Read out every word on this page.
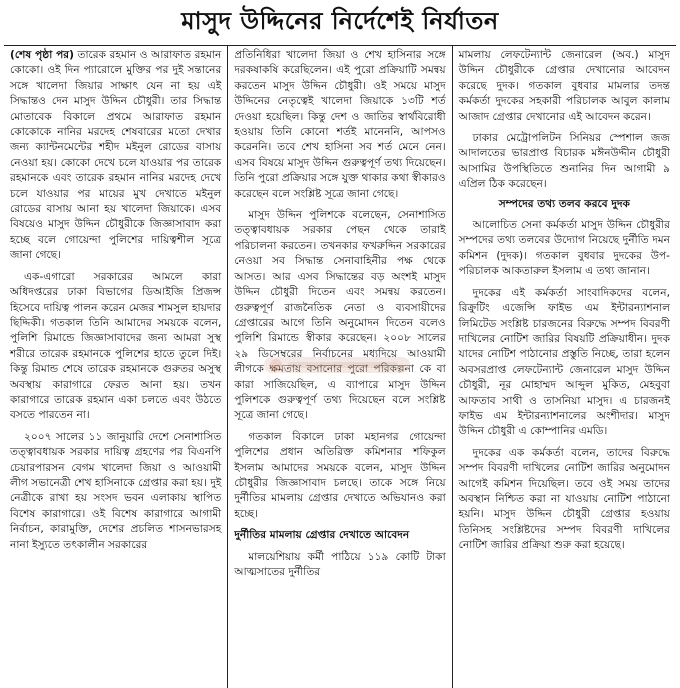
মাসুদ উদ্দিনের নির্দেশেই নির্যাতন

(শেষ পৃষ্ঠা পর) তারেক রহমান ও আরাফাত রহমান কোকো। ওই দিন প্যারোলে মুক্তির পর দুই সন্তানের সঙ্গে খালেদা জিয়ার সাক্ষাৎ যেন না হয় এই সিদ্ধান্তও দেন মাসুদ উদ্দিন চৌধুরী। তার সিদ্ধান্ত মোতাবেক বিকালে প্রথমে আরাফাত রহমান কোকোকে নানির মরদেহ শেষবারের মতো দেখার জন্য ক্যান্টনমেন্টের শহীদ মইনুল রোডের বাসায় নেওয়া হয়। কোকো দেখে চলে যাওয়ার পর তারেক রহমানকে এবং তারেক রহমান নানির মরদেহ দেখে চলে যাওয়ার পর মায়ের মুখ দেখাতে মইনুল রোডের বাসায় আনা হয় খালেদা জিয়াকে। এসব বিষয়েও মাসুদ উদ্দিন চৌধুরীকে জিজ্ঞাসাবাদ করা হচ্ছে বলে গোয়েন্দা পুলিশের দায়িত্বশীল সূত্রে জানা গেছে।

এক-এগারো সরকারের আমলে কারা অধিদপ্তরের ঢাকা বিভাগের ডিআইজি প্রিজন্স হিসেবে দায়িত্ব পালন করেন মেজর শামসুল হায়দার ছিদ্দিকী। গতকাল তিনি আমাদের সময়কে বলেন, পুলিশি রিমান্ডে জিজ্ঞাসাবাদের জন্য আমরা সুস্থ শরীরে তারেক রহমানকে পুলিশের হাতে তুলে দিই। কিন্তু রিমান্ড শেষে তারেক রহমানকে গুরুতর অসুস্থ অবস্থায় কারাগারে ফেরত আনা হয়। তখন কারাগারে তারেক রহমান একা চলতে এবং উঠতে বসতে পারতেন না।

২০০৭ সালের ১১ জানুয়ারি দেশে সেনাশাসিত তত্ত্বাবধায়ক সরকার দায়িত্ব গ্রহণের পর বিএনপি চেয়ারপারসন বেগম খালেদা জিয়া ও আওয়ামী লীগ সভানেত্রী শেখ হাসিনাকে গ্রেপ্তার করা হয়। দুই নেত্রীকে রাখা হয় সংসদ ভবন এলাকায় স্থাপিত বিশেষ কারাগারে। ওই বিশেষ কারাগারে আগামী নির্বাচন, কারামুক্তি, দেশের প্রচলিত শাসনভারসহ নানা ইস্যুতে তৎকালীন সরকারের

প্রতিনিধিরা খালেদা জিয়া ও শেখ হাসিনার সঙ্গে দরকষাকষি করেছিলেন। এই পুরো প্রক্রিয়াটি সমন্বয় করতেন মাসুদ উদ্দিন চৌধুরী। ওই সময়ে মাসুদ উদ্দিনের নেতৃত্বেই খালেদা জিয়াকে ১৩টি শর্ত দেওয়া হয়েছিল। কিন্তু দেশ ও জাতির স্বার্থবিরোধী হওয়ায় তিনি কোনো শর্তই মানেননি, আপসও করেননি। তবে শেখ হাসিনা সব শর্ত মেনে নেন। এসব বিষয়ে মাসুদ উদ্দিন গুরুত্বপূর্ণ তথ্য দিয়েছেন। তিনি পুরো প্রক্রিয়ার সঙ্গে যুক্ত থাকার কথা স্বীকারও করেছেন বলে সংশ্লিষ্ট সূত্রে জানা গেছে।

মাসুদ উদ্দিন পুলিশকে বলেছেন, সেনাশাসিত তত্ত্বাবধায়ক সরকার পেছন থেকে তারাই পরিচালনা করতেন। তখনকার ফখরুদ্দিন সরকারের নেওয়া সব সিদ্ধান্ত সেনাবাহিনীর পক্ষ থেকে আসত। আর এসব সিদ্ধান্তের বড় অংশই মাসুদ উদ্দিন চৌধুরী দিতেন এবং সমন্বয় করতেন। গুরুত্বপূর্ণ রাজনৈতিক নেতা ও ব্যবসায়ীদের গ্রেপ্তারের আগে তিনি অনুমোদন দিতেন বলেও পুলিশি রিমান্ডে স্বীকার করেছেন। ২০০৮ সালের ২৯ ডিসেম্বরের নির্বাচনের মধ্যদিয়ে আওয়ামী লীগকে ক্ষমতায় বসানোর পুরো পরিকল্পনা কে বা কারা সাজিয়েছিল, এ ব্যাপারে মাসুদ উদ্দিন পুলিশকে গুরুত্বপূর্ণ তথ্য দিয়েছেন বলে সংশ্লিষ্ট সূত্রে জানা গেছে।

গতকাল বিকালে ঢাকা মহানগর গোয়েন্দা পুলিশের প্রধান অতিরিক্ত কমিশনার শফিকুল ইসলাম আমাদের সময়কে বলেন, মাসুদ উদ্দিন চৌধুরীর জিজ্ঞাসাবাদ চলছে। তাকে সঙ্গে নিয়ে দুর্নীতির মামলায় গ্রেপ্তার দেখাতে অভিযানও করা হচ্ছে।

দুর্নীতির মামলায় গ্রেপ্তার দেখাতে আবেদন

মালয়েশিয়ায় কর্মী পাঠিয়ে ১১৯ কোটি টাকা আত্মসাতের দুর্নীতির

মামলায় লেফটেন্যান্ট জেনারেল (অব.) মাসুদ উদ্দিন চৌধুরীকে গ্রেপ্তার দেখানোর আবেদন করেছে দুদক। গতকাল বুধবার মামলার তদন্ত কর্মকর্তা দুদকের সহকারী পরিচালক আবুল কালাম আজাদ গ্রেপ্তার দেখানোর এই আবেদন করেন।

ঢাকার মেট্রোপলিটন সিনিয়র স্পেশাল জজ আদালতের ভারপ্রাপ্ত বিচারক মঈনউদ্দীন চৌধুরী আসামির উপস্থিতিতে শুনানির দিন আগামী ৯ এপ্রিল ঠিক করেছেন।

সম্পদের তথ্য তলব করবে দুদক

আলোচিত সেনা কর্মকর্তা মাসুদ উদ্দিন চৌধুরীর সম্পদের তথ্য তলবের উদ্যোগ নিয়েছে দুর্নীতি দমন কমিশন (দুদক)। গতকাল বুধবার দুদকের উপ-পরিচালক আকতারুল ইসলাম এ তথ্য জানান।

দুদকের এই কর্মকর্তা সাংবাদিকদের বলেন, রিক্রুটিং এজেন্সি ফাইভ এম ইন্টারন্যাশনাল লিমিটেড সংশ্লিষ্ট চারজনের বিরুদ্ধে সম্পদ বিবরণী দাখিলের নোটিশ জারির বিষয়টি প্রক্রিয়াধীন। দুদক যাদের নোটিশ পাঠানোর প্রস্তুতি নিচ্ছে, তারা হলেন অবসরপ্রাপ্ত লেফটেন্যান্ট জেনারেল মাসুদ উদ্দিন চৌধুরী, নূর মোহাম্মদ আব্দুল মুকিত, মেহবুবা আফতাব সাথী ও তাসনিয়া মাসুদ। এ চারজনই ফাইভ এম ইন্টারন্যাশনালের অংশীদার। মাসুদ উদ্দিন চৌধুরী এ কোম্পানির এমডি।

দুদকের এক কর্মকর্তা বলেন, তাদের বিরুদ্ধে সম্পদ বিবরণী দাখিলের নোটিশ জারির অনুমোদন আগেই কমিশন দিয়েছিল। তবে ওই সময় তাদের অবস্থান নিশ্চিত করা না যাওয়ায় নোটিশ পাঠানো হয়নি। মাসুদ উদ্দিন চৌধুরী গ্রেপ্তার হওয়ায় তিনিসহ সংশ্লিষ্টদের সম্পদ বিবরণী দাখিলের নোটিশ জারির প্রক্রিয়া শুরু করা হয়েছে।
